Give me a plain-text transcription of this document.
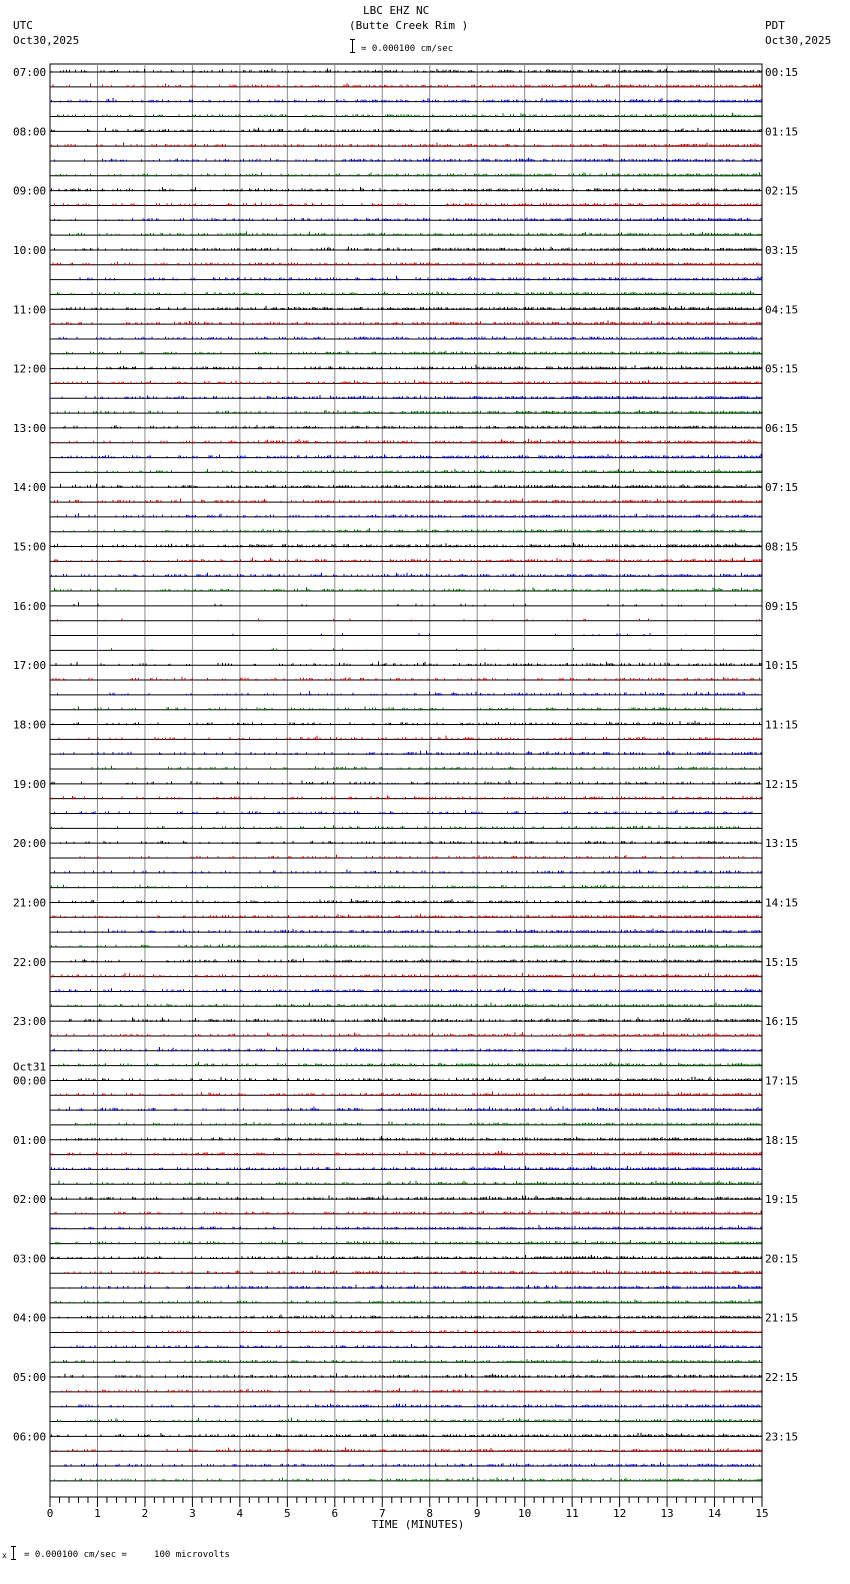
LBC EHZ NC
(Butte Creek Rim )
UTC
Oct30,2025
PDT
Oct30,2025
= 0.000100 cm/sec
07:00	00:15
08:00	01:15
09:00	02:15
10:00	03:15
11:00	04:15
12:00	05:15
13:00	06:15
14:00	07:15
15:00	08:15
16:00	09:15
17:00	10:15
18:00	11:15
19:00	12:15
20:00	13:15
21:00	14:15
22:00	15:15
23:00	16:15
00:00	17:15
Oct31
01:00	18:15
02:00	19:15
03:00	20:15
04:00	21:15
05:00	22:15
06:00	23:15
0	1	2	3	4	5	6	7	8	9	10	11	12	13	14	15
TIME (MINUTES)
x = 0.000100 cm/sec =     100 microvolts
